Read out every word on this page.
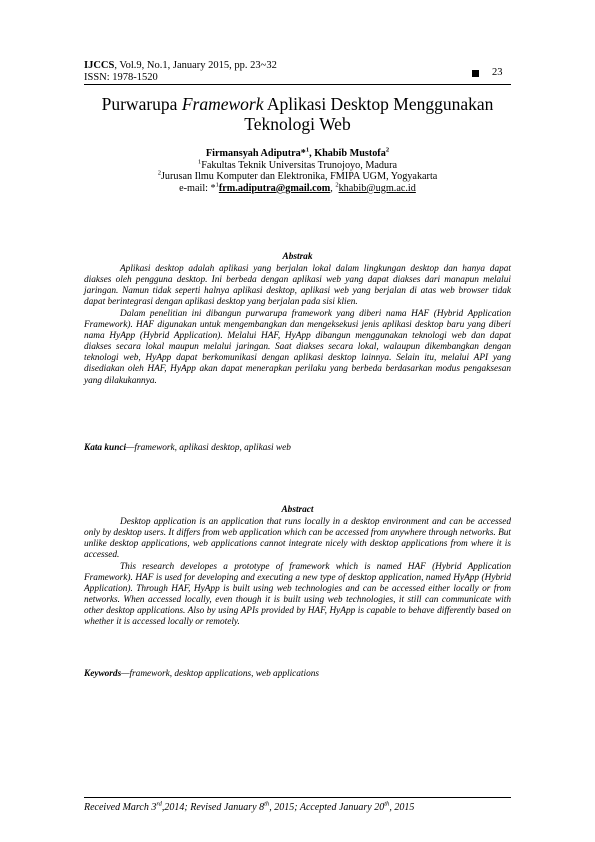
IJCCS, Vol.9, No.1, January 2015, pp. 23~32
ISSN: 1978-1520	23
Purwarupa Framework Aplikasi Desktop Menggunakan Teknologi Web
Firmansyah Adiputra*$^1$, Khabib Mustofa$^2$
$^1$Fakultas Teknik Universitas Trunojoyo, Madura
$^2$Jurusan Ilmu Komputer dan Elektronika, FMIPA UGM, Yogyakarta
e-mail: *$^1$frm.adiputra@gmail.com, $^2$khabib@ugm.ac.id
Abstrak

Aplikasi desktop adalah aplikasi yang berjalan lokal dalam lingkungan desktop dan hanya dapat diakses oleh pengguna desktop. Ini berbeda dengan aplikasi web yang dapat diakses dari manapun melalui jaringan. Namun tidak seperti halnya aplikasi desktop, aplikasi web yang berjalan di atas web browser tidak dapat berintegrasi dengan aplikasi desktop yang berjalan pada sisi klien.

Dalam penelitian ini dibangun purwarupa framework yang diberi nama HAF (Hybrid Application Framework). HAF digunakan untuk mengembangkan dan mengeksekusi jenis aplikasi desktop baru yang diberi nama HyApp (Hybrid Application). Melalui HAF, HyApp dibangun menggunakan teknologi web dan dapat diakses secara lokal maupun melalui jaringan. Saat diakses secara lokal, walaupun dikembangkan dengan teknologi web, HyApp dapat berkomunikasi dengan aplikasi desktop lainnya. Selain itu, melalui API yang disediakan oleh HAF, HyApp akan dapat menerapkan perilaku yang berbeda berdasarkan modus pengaksesan yang dilakukannya.

Kata kunci—framework, aplikasi desktop, aplikasi web
Abstract

Desktop application is an application that runs locally in a desktop environment and can be accessed only by desktop users. It differs from web application which can be accessed from anywhere through networks. But unlike desktop applications, web applications cannot integrate nicely with desktop applications from where it is accessed.

This research developes a prototype of framework which is named HAF (Hybrid Application Framework). HAF is used for developing and executing a new type of desktop application, named HyApp (Hybrid Application). Through HAF, HyApp is built using web technologies and can be accessed either locally or from networks. When accessed locally, even though it is built using web technologies, it still can communicate with other desktop applications. Also by using APIs provided by HAF, HyApp is capable to behave differently based on whether it is accessed locally or remotely.

Keywords—framework, desktop applications, web applications
Received March 3rd,2014; Revised January 8th, 2015; Accepted January 20th, 2015
